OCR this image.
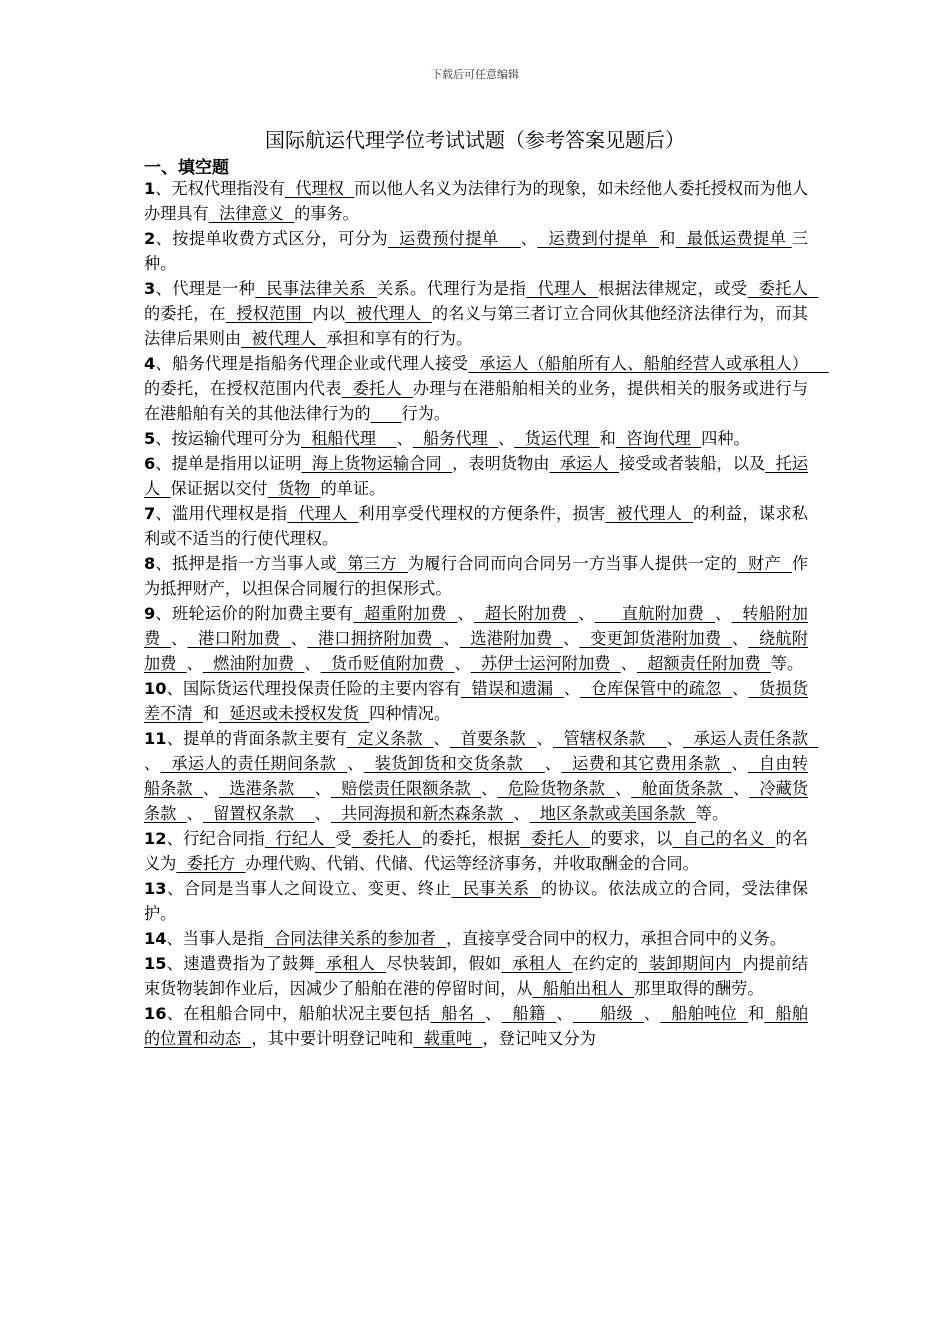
下载后可任意编辑
国际航运代理学位考试试题（参考答案见题后）
一、填空题

1、无权代理指没有  代理权  而以他人名义为法律行为的现象，如未经他人委托授权而为他人办理具有  法律意义  的事务。

2、按提单收费方式区分，可分为  运费预付提单    、  运费到付提单  和  最低运费提单 三种。

3、代理是一种  民事法律关系  关系。代理行为是指  代理人  根据法律规定，或受  委托人  的委托，在  授权范围  内以  被代理人  的名义与第三者订立合同伙其他经济法律行为，而其法律后果则由  被代理人  承担和享有的行为。

4、船务代理是指船务代理企业或代理人接受  承运人（船舶所有人、船舶经营人或承租人）    的委托，在授权范围内代表  委托人  办理与在港船舶相关的业务，提供相关的服务或进行与在港船舶有关的其他法律行为的 行为。

5、按运输代理可分为  租船代理    、  船务代理  、  货运代理  和  咨询代理  四种。

6、提单是指用以证明  海上货物运输合同  ，表明货物由  承运人  接受或者装船，以及  托运人  保证据以交付  货物  的单证。

7、滥用代理权是指  代理人  利用享受代理权的方便条件，损害  被代理人  的利益，谋求私利或不适当的行使代理权。

8、抵押是指一方当事人或  第三方  为履行合同而向合同另一方当事人提供一定的  财产  作为抵押财产，以担保合同履行的担保形式。

9、班轮运价的附加费主要有  超重附加费  、  超长附加费  、     直航附加费  、  转船附加费  、  港口附加费  、  港口拥挤附加费  、  选港附加费  、  变更卸货港附加费  、  绕航附加费  、  燃油附加费  、  货币贬值附加费  、  苏伊士运河附加费  、  超额责任附加费  等。

10、国际货运代理投保责任险的主要内容有  错误和遗漏  、  仓库保管中的疏忽  、  货损货差不清  和  延迟或未授权发货  四种情况。

11、提单的背面条款主要有  定义条款  、  首要条款  、  管辖权条款    、  承运人责任条款  、  承运人的责任期间条款  、  装货卸货和交货条款    、  运费和其它费用条款  、  自由转船条款  、  选港条款    、  赔偿责任限额条款  、  危险货物条款  、  舱面货条款  、  冷藏货条款  、  留置权条款    、  共同海损和新杰森条款  、  地区条款或美国条款  等。

12、行纪合同指  行纪人  受  委托人  的委托，根据  委托人  的要求，以  自己的名义  的名义为  委托方  办理代购、代销、代储、代运等经济事务，并收取酬金的合同。

13、合同是当事人之间设立、变更、终止  民事关系  的协议。依法成立的合同，受法律保护。

14、当事人是指  合同法律关系的参加者  ，直接享受合同中的权力，承担合同中的义务。

15、速遣费指为了鼓舞  承租人  尽快装卸，假如  承租人  在约定的  装卸期间内  内提前结束货物装卸作业后，因减少了船舶在港的停留时间，从  船舶出租人  那里取得的酬劳。

16、在租船合同中，船舶状况主要包括  船名  、  船籍  、     船级  、  船舶吨位  和  船舶的位置和动态  ，其中要计明登记吨和  载重吨  ，登记吨又分为
